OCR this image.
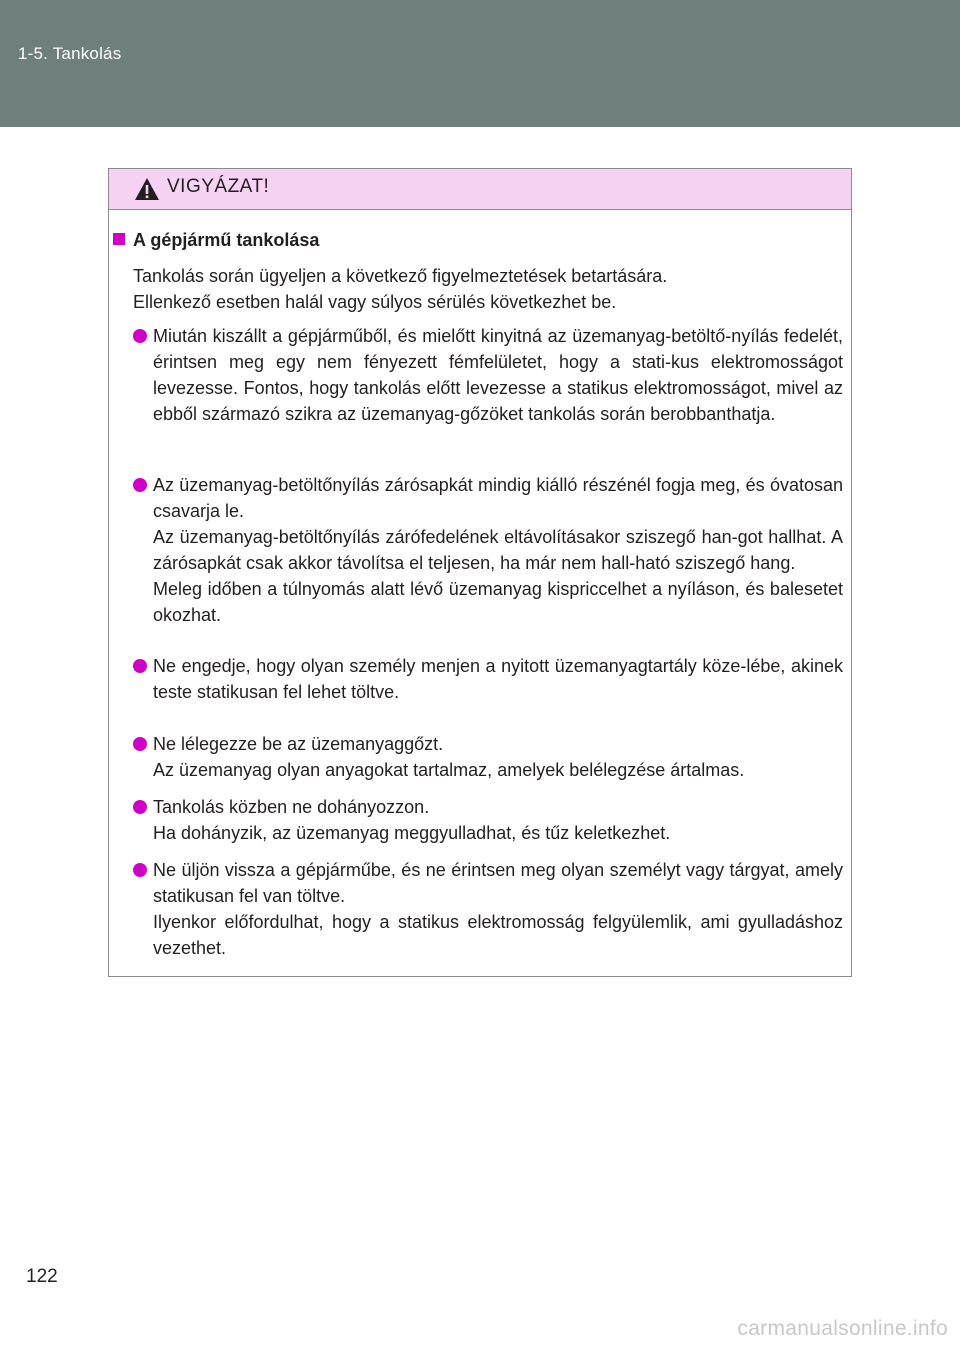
1-5. Tankolás
VIGYÁZAT!
A gépjármű tankolása
Tankolás során ügyeljen a következő figyelmeztetések betartására.
Ellenkező esetben halál vagy súlyos sérülés következhet be.

Miután kiszállt a gépjárműből, és mielőtt kinyitná az üzemanyag-betöltő-nyílás fedelét, érintsen meg egy nem fényezett fémfelületet, hogy a stati-kus elektromosságot levezesse. Fontos, hogy tankolás előtt levezesse a statikus elektromosságot, mivel az ebből származó szikra az üzemanyag-gőzöket tankolás során berobbanthatja.

Az üzemanyag-betöltőnyílás zárósapkát mindig kiálló részénél fogja meg, és óvatosan csavarja le.

Az üzemanyag-betöltőnyílás zárófedelének eltávolításakor sziszegő han-got hallhat. A zárósapkát csak akkor távolítsa el teljesen, ha már nem hall-ható sziszegő hang.

Meleg időben a túlnyomás alatt lévő üzemanyag kispriccelhet a nyíláson, és balesetet okozhat.

Ne engedje, hogy olyan személy menjen a nyitott üzemanyagtartály köze-lébe, akinek teste statikusan fel lehet töltve.

Ne lélegezze be az üzemanyaggőzt.

Az üzemanyag olyan anyagokat tartalmaz, amelyek belélegzése ártalmas.

Tankolás közben ne dohányozzon.

Ha dohányzik, az üzemanyag meggyulladhat, és tűz keletkezhet.

Ne üljön vissza a gépjárműbe, és ne érintsen meg olyan személyt vagy tárgyat, amely statikusan fel van töltve.

Ilyenkor előfordulhat, hogy a statikus elektromosság felgyülemlik, ami gyulladáshoz vezethet.

122
carmanualsonline.info
